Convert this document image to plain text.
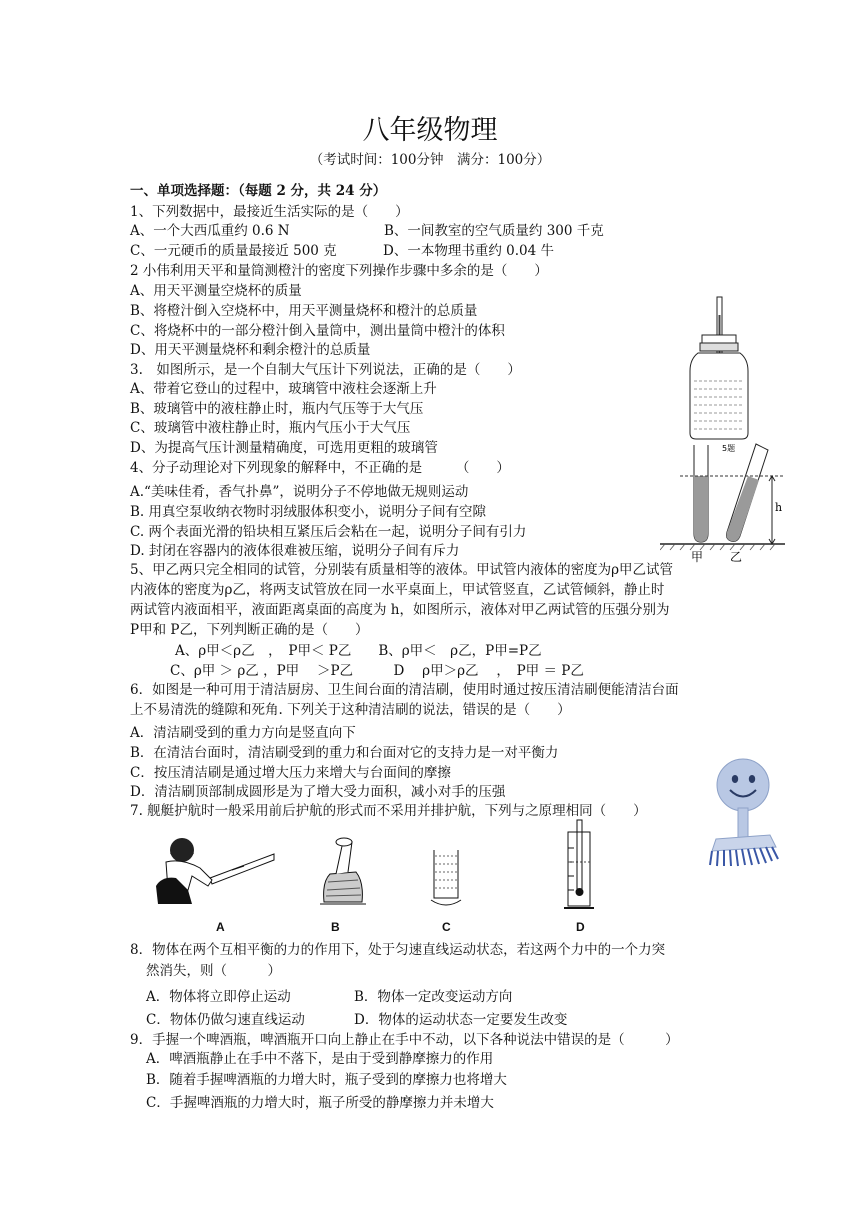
八年级物理
（考试时间：100分钟　满分：100分）
一、单项选择题：（每题 2 分，共 24 分）
1、下列数据中，最接近生活实际的是（　　）
A、一个大西瓜重约 0.6 N	B、一间教室的空气质量约 300 千克
C、一元硬币的质量最接近 500 克	D、一本物理书重约 0.04 牛
2 小伟利用天平和量筒测橙汁的密度下列操作步骤中多余的是（　　）
A、用天平测量空烧杯的质量
B、将橙汁倒入空烧杯中，用天平测量烧杯和橙汁的总质量
C、将烧杯中的一部分橙汁倒入量筒中，测出量筒中橙汁的体积
D、用天平测量烧杯和剩余橙汁的总质量
3.　如图所示，是一个自制大气压计下列说法，正确的是（　　）
A、带着它登山的过程中，玻璃管中液柱会逐渐上升
B、玻璃管中的液柱静止时，瓶内气压等于大气压
C、玻璃管中液柱静止时，瓶内气压小于大气压
D、为提高气压计测量精确度，可选用更粗的玻璃管
4、分子动理论对下列现象的解释中，不正确的是　　　（　　）
A.“美味佳肴，香气扑鼻”，说明分子不停地做无规则运动
B. 用真空泵收纳衣物时羽绒服体积变小，说明分子间有空隙
C. 两个表面光滑的铅块相互紧压后会粘在一起，说明分子间有引力
D. 封闭在容器内的液体很难被压缩，说明分子间有斥力
5、甲乙两只完全相同的试管，分别装有质量相等的液体。甲试管内液体的密度为ρ甲乙试管
内液体的密度为ρ乙，将两支试管放在同一水平桌面上，甲试管竖直，乙试管倾斜，静止时
两试管内液面相平，液面距离桌面的高度为 h，如图所示，液体对甲乙两试管的压强分别为
P甲和 P乙，下列判断正确的是（　　）
A、ρ甲＜ρ乙　，　P甲＜ P乙　　B、ρ甲＜　ρ乙，P甲=P乙
C、ρ甲 ＞ ρ乙 ，P甲 　＞P乙　　　D　 ρ甲＞ρ乙 　，　P甲 ＝ P乙
6．如图是一种可用于清洁厨房、卫生间台面的清洁刷，使用时通过按压清洁刷便能清洁台面
上不易清洗的缝隙和死角. 下列关于这种清洁刷的说法，错误的是（　　）
A．清洁刷受到的重力方向是竖直向下
B．在清洁台面时，清洁刷受到的重力和台面对它的支持力是一对平衡力
C．按压清洁刷是通过增大压力来增大与台面间的摩擦
D．清洁刷顶部制成圆形是为了增大受力面积，减小对手的压强
7. 舰艇护航时一般采用前后护航的形式而不采用并排护航，下列与之原理相同（　　）
8．物体在两个互相平衡的力的作用下，处于匀速直线运动状态，若这两个力中的一个力突
然消失，则（　　　）
A．物体将立即停止运动	B．物体一定改变运动方向
C．物体仍做匀速直线运动	D．物体的运动状态一定要发生改变
9．手握一个啤酒瓶，啤酒瓶开口向上静止在手中不动，以下各种说法中错误的是（　　　）
A．啤酒瓶静止在手中不落下，是由于受到静摩擦力的作用
B．随着手握啤酒瓶的力增大时，瓶子受到的摩擦力也将增大
C．手握啤酒瓶的力增大时，瓶子所受的静摩擦力并未增大
5题
h
甲 乙
A	B	C	D
